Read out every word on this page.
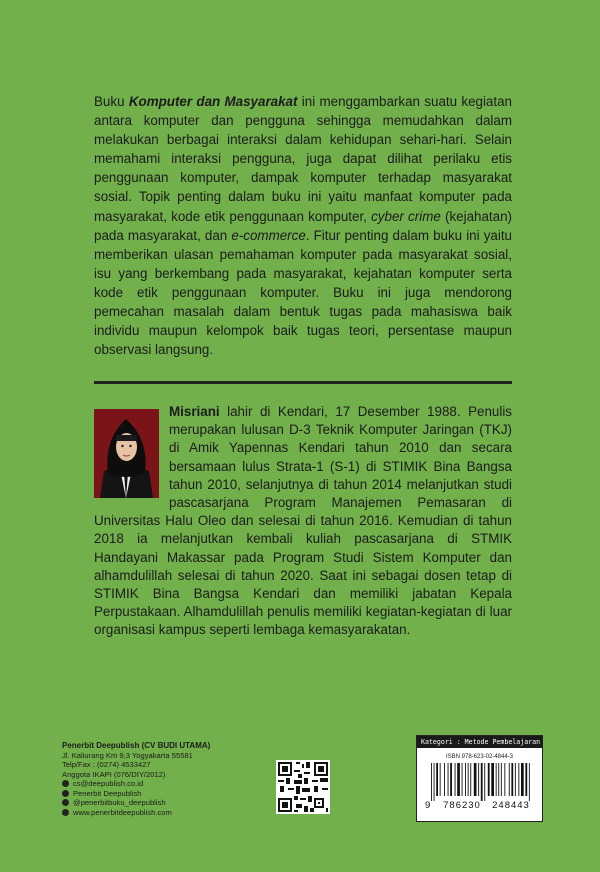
Buku Komputer dan Masyarakat ini menggambarkan suatu kegiatan antara komputer dan pengguna sehingga memudahkan dalam melakukan berbagai interaksi dalam kehidupan sehari-hari. Selain memahami interaksi pengguna, juga dapat dilihat perilaku etis penggunaan komputer, dampak komputer terhadap masyarakat sosial. Topik penting dalam buku ini yaitu manfaat komputer pada masyarakat, kode etik penggunaan komputer, cyber crime (kejahatan) pada masyarakat, dan e-commerce. Fitur penting dalam buku ini yaitu memberikan ulasan pemahaman komputer pada masyarakat sosial, isu yang berkembang pada masyarakat, kejahatan komputer serta kode etik penggunaan komputer. Buku ini juga mendorong pemecahan masalah dalam bentuk tugas pada mahasiswa baik individu maupun kelompok baik tugas teori, persentase maupun observasi langsung.

Misriani lahir di Kendari, 17 Desember 1988. Penulis merupakan lulusan D-3 Teknik Komputer Jaringan (TKJ) di Amik Yapennas Kendari tahun 2010 dan secara bersamaan lulus Strata-1 (S-1) di STIMIK Bina Bangsa tahun 2010, selanjutnya di tahun 2014 melanjutkan studi pascasarjana Program Manajemen Pemasaran di Universitas Halu Oleo dan selesai di tahun 2016. Kemudian di tahun 2018 ia melanjutkan kembali kuliah pascasarjana di STMIK Handayani Makassar pada Program Studi Sistem Komputer dan alhamdulillah selesai di tahun 2020. Saat ini sebagai dosen tetap di STIMIK Bina Bangsa Kendari dan memiliki jabatan Kepala Perpustakaan. Alhamdulillah penulis memiliki kegiatan-kegiatan di luar organisasi kampus seperti lembaga kemasyarakatan.

Penerbit Deepublish (CV BUDI UTAMA)
Jl. Kaliurang Km 9,3 Yogyakarta 55581
Telp/Fax : (0274) 4533427
Anggota IKAPI (076/DIY/2012)
cs@deepublish.co.id
Penerbit Deepublish
@penerbitbuku_deepublish
www.penerbitdeepublish.com
Kategori : Metode Pembelajaran
ISBN 978-623-02-4844-3
9	786230	248443
